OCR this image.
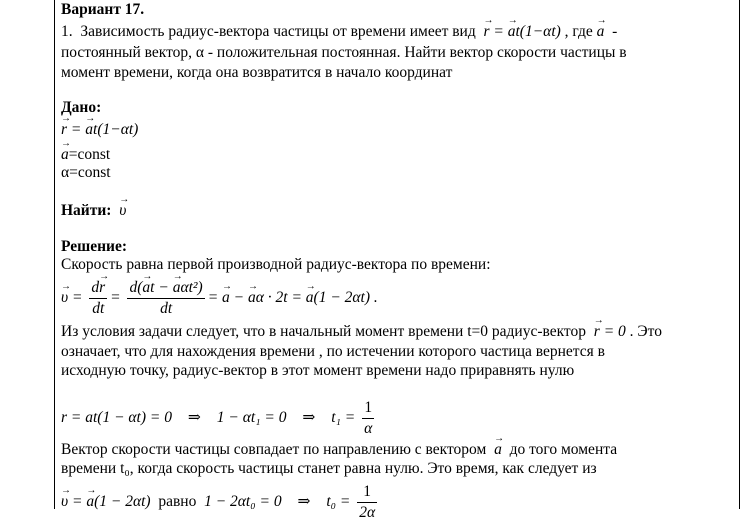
Вариант 17.
1. Зависимость радиус-вектора частицы от времени имеет вид → r = → at(1−αt) , где → a -
постоянный вектор, α - положительная постоянная. Найти вектор скорости частицы в
момент времени, когда она возвратится в начало координат
Дано:
→ r = → at(1−αt)
→ a=const
α=const
Найти: → υ
Решение:
Скорость равна первой производной радиус-вектора по времени:
→ $\upsilon = \frac{d\to r}{dt} = \frac{\text{d(→ at − → aαt²)}}{dt}$ = → a − → aα · 2t = → a(1 − 2αt) .
Из условия задачи следует, что в начальный момент времени t=0 радиус-вектор → r = 0 . Это
означает, что для нахождения времени , по истечении которого частица вернется в
исходную точку, радиус-вектор в этот момент времени надо приравнять нулю
r = at(1 − αt) = 0 ⇒ 1 − αt₁ = 0 ⇒ $t_1 = \frac{1}{\alpha}$
Вектор скорости частицы совпадает по направлению с вектором → a до того момента
времени t₀, когда скорость частицы станет равна нулю. Это время, как следует из
→ υ = → a(1 − 2αt)  равно  1 − 2αt₀ = 0 ⇒ $t_0 = \frac{1}{2\alpha}$
